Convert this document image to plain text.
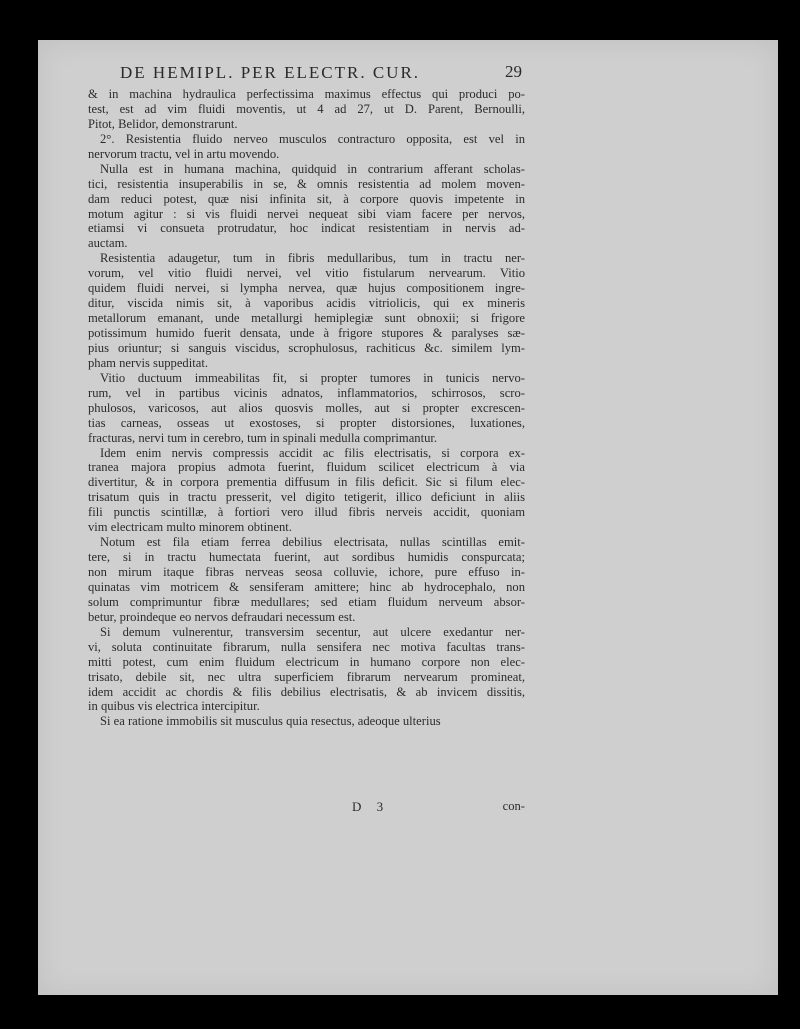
DE HEMIPL. PER ELECTR. CUR.	29
& in machina hydraulica perfectissima maximus effectus qui produci po-
test, est ad vim fluidi moventis, ut 4 ad 27, ut D. Parent, Bernoulli,
Pitot, Belidor, demonstrarunt.
2°. Resistentia fluido nerveo musculos contracturo opposita, est vel in
nervorum tractu, vel in artu movendo.
Nulla est in humana machina, quidquid in contrarium afferant scholas-
tici, resistentia insuperabilis in se, & omnis resistentia ad molem moven-
dam reduci potest, quæ nisi infinita sit, à corpore quovis impetente in
motum agitur : si vis fluidi nervei nequeat sibi viam facere per nervos,
etiamsi vi consueta protrudatur, hoc indicat resistentiam in nervis ad-
auctam.
Resistentia adaugetur, tum in fibris medullaribus, tum in tractu ner-
vorum, vel vitio fluidi nervei, vel vitio fistularum nervearum. Vitio
quidem fluidi nervei, si lympha nervea, quæ hujus compositionem ingre-
ditur, viscida nimis sit, à vaporibus acidis vitriolicis, qui ex mineris
metallorum emanant, unde metallurgi hemiplegiæ sunt obnoxii; si frigore
potissimum humido fuerit densata, unde à frigore stupores & paralyses sæ-
pius oriuntur; si sanguis viscidus, scrophulosus, rachiticus &c. similem lym-
pham nervis suppeditat.
Vitio ductuum immeabilitas fit, si propter tumores in tunicis nervo-
rum, vel in partibus vicinis adnatos, inflammatorios, schirrosos, scro-
phulosos, varicosos, aut alios quosvis molles, aut si propter excrescen-
tias carneas, osseas ut exostoses, si propter distorsiones, luxationes,
fracturas, nervi tum in cerebro, tum in spinali medulla comprimantur.
Idem enim nervis compressis accidit ac filis electrisatis, si corpora ex-
tranea majora propius admota fuerint, fluidum scilicet electricum à via
divertitur, & in corpora prementia diffusum in filis deficit. Sic si filum elec-
trisatum quis in tractu presserit, vel digito tetigerit, illico deficiunt in aliis
fili punctis scintillæ, à fortiori vero illud fibris nerveis accidit, quoniam
vim electricam multo minorem obtinent.
Notum est fila etiam ferrea debilius electrisata, nullas scintillas emit-
tere, si in tractu humectata fuerint, aut sordibus humidis conspurcata;
non mirum itaque fibras nerveas seosa colluvie, ichore, pure effuso in-
quinatas vim motricem & sensiferam amittere; hinc ab hydrocephalo, non
solum comprimuntur fibræ medullares; sed etiam fluidum nerveum absor-
betur, proindeque eo nervos defraudari necessum est.
Si demum vulnerentur, transversim secentur, aut ulcere exedantur ner-
vi, soluta continuitate fibrarum, nulla sensifera nec motiva facultas trans-
mitti potest, cum enim fluidum electricum in humano corpore non elec-
trisato, debile sit, nec ultra superficiem fibrarum nervearum promineat,
idem accidit ac chordis & filis debilius electrisatis, & ab invicem dissitis,
in quibus vis electrica intercipitur.
Si ea ratione immobilis sit musculus quia resectus, adeoque ulterius
D 3	con-
